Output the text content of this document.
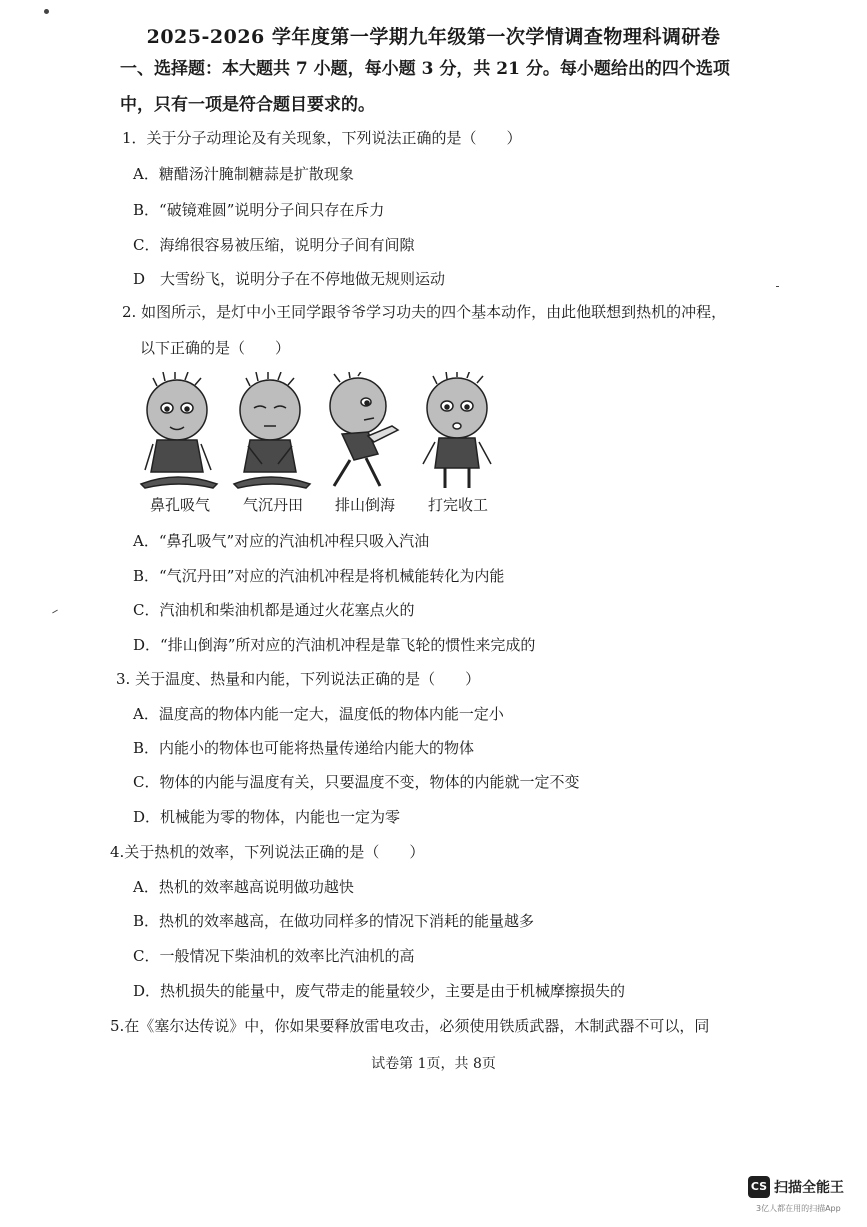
2025-2026 学年度第一学期九年级第一次学情调查物理科调研卷
一、选择题：本大题共 7 小题，每小题 3 分，共 21 分。每小题给出的四个选项
中，只有一项是符合题目要求的。
1．关于分子动理论及有关现象，下列说法正确的是（　　）
A．糖醋汤汁腌制糖蒜是扩散现象
B．“破镜难圆”说明分子间只存在斥力
C．海绵很容易被压缩，说明分子间有间隙
D　大雪纷飞，说明分子在不停地做无规则运动
2. 如图所示，是灯中小王同学跟爷爷学习功夫的四个基本动作，由此他联想到热机的冲程，
以下正确的是（　　）
鼻孔吸气	气沉丹田	排山倒海	打完收工
A．“鼻孔吸气”对应的汽油机冲程只吸入汽油
B．“气沉丹田”对应的汽油机冲程是将机械能转化为内能
C．汽油机和柴油机都是通过火花塞点火的
D．“排山倒海”所对应的汽油机冲程是靠飞轮的惯性来完成的
3. 关于温度、热量和内能，下列说法正确的是（　　）
A．温度高的物体内能一定大，温度低的物体内能一定小
B．内能小的物体也可能将热量传递给内能大的物体
C．物体的内能与温度有关，只要温度不变，物体的内能就一定不变
D．机械能为零的物体，内能也一定为零
4.关于热机的效率，下列说法正确的是（　　）
A．热机的效率越高说明做功越快
B．热机的效率越高，在做功同样多的情况下消耗的能量越多
C．一般情况下柴油机的效率比汽油机的高
D．热机损失的能量中，废气带走的能量较少，主要是由于机械摩擦损失的
5.在《塞尔达传说》中，你如果要释放雷电攻击，必须使用铁质武器，木制武器不可以，同
试卷第 1页，共 8页
CS 扫描全能王
3亿人都在用的扫描App
